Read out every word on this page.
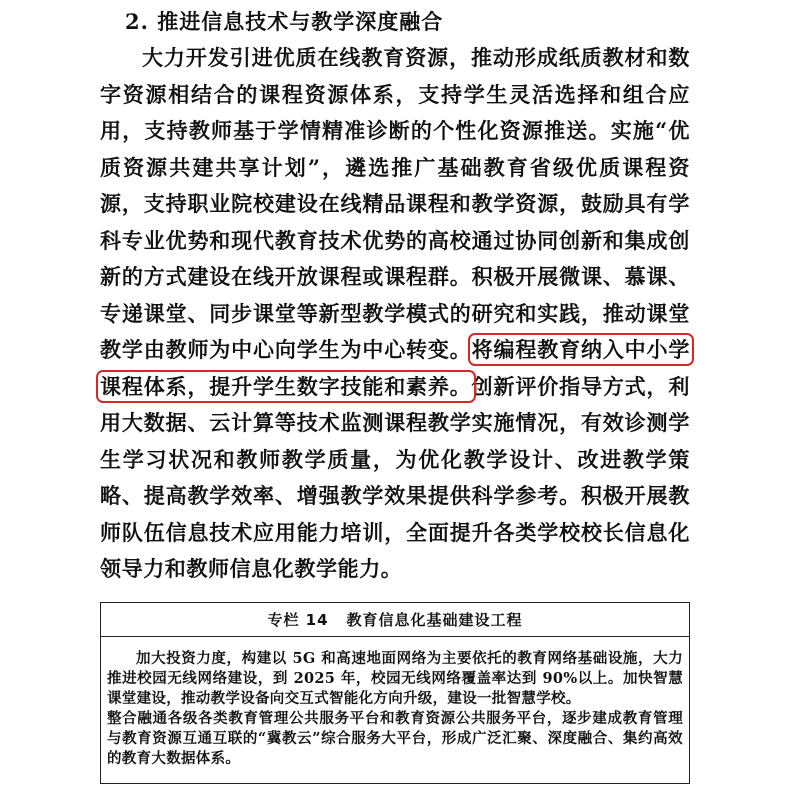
2. 推进信息技术与教学深度融合

大力开发引进优质在线教育资源，推动形成纸质教材和数字资源相结合的课程资源体系，支持学生灵活选择和组合应用，支持教师基于学情精准诊断的个性化资源推送。实施“优质资源共建共享计划”，遴选推广基础教育省级优质课程资源，支持职业院校建设在线精品课程和教学资源，鼓励具有学科专业优势和现代教育技术优势的高校通过协同创新和集成创新的方式建设在线开放课程或课程群。积极开展微课、慕课、专递课堂、同步课堂等新型教学模式的研究和实践，推动课堂教学由教师为中心向学生为中心转变。将编程教育纳入中小学课程体系，提升学生数字技能和素养。创新评价指导方式，利用大数据、云计算等技术监测课程教学实施情况，有效诊测学生学习状况和教师教学质量，为优化教学设计、改进教学策略、提高教学效率、增强教学效果提供科学参考。积极开展教师队伍信息技术应用能力培训，全面提升各类学校校长信息化领导力和教师信息化教学能力。

专栏 14 教育信息化基础建设工程

加大投资力度，构建以 5G 和高速地面网络为主要依托的教育网络基础设施，大力推进校园无线网络建设，到 2025 年，校园无线网络覆盖率达到 90%以上。加快智慧课堂建设，推动教学设备向交互式智能化方向升级，建设一批智慧学校。

整合融通各级各类教育管理公共服务平台和教育资源公共服务平台，逐步建成教育管理与教育资源互通互联的“冀教云”综合服务大平台，形成广泛汇聚、深度融合、集约高效的教育大数据体系。
